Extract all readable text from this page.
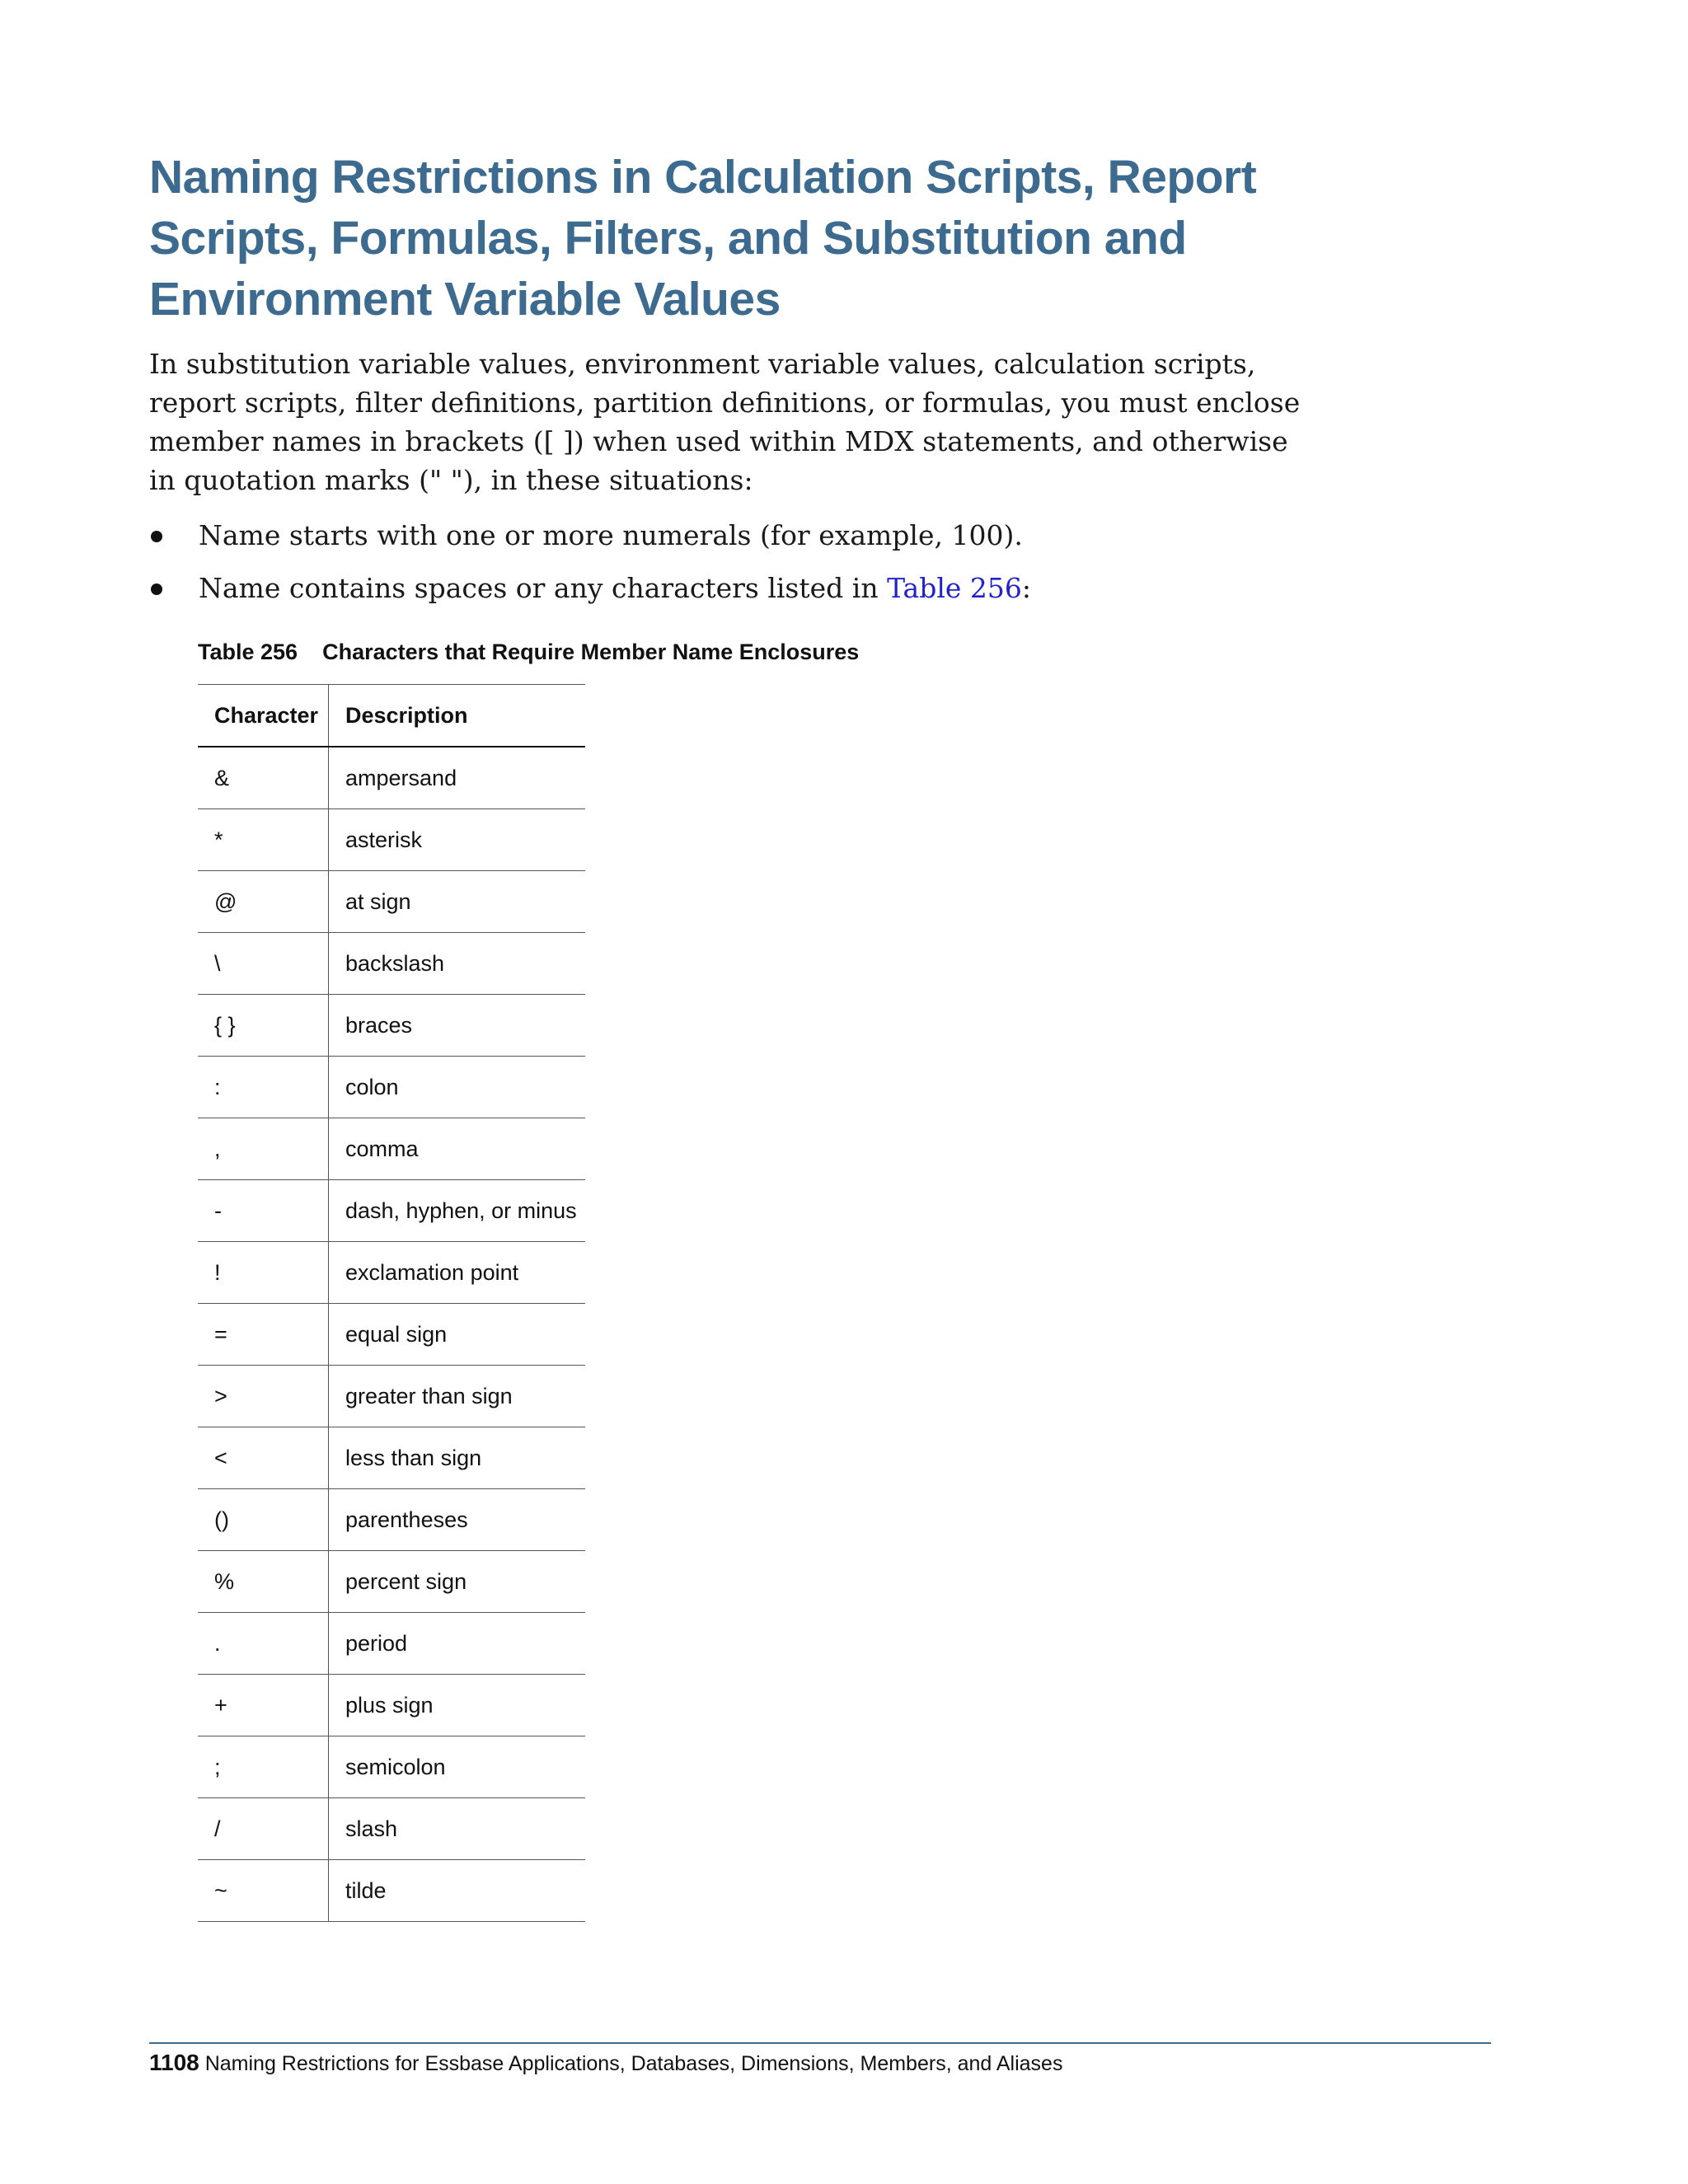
Naming Restrictions in Calculation Scripts, Report Scripts, Formulas, Filters, and Substitution and Environment Variable Values

In substitution variable values, environment variable values, calculation scripts, report scripts, filter definitions, partition definitions, or formulas, you must enclose member names in brackets ([ ]) when used within MDX statements, and otherwise in quotation marks (" "), in these situations:

Name starts with one or more numerals (for example, 100).
Name contains spaces or any characters listed in Table 256:

Table 256 Characters that Require Member Name Enclosures

Character	Description
&	ampersand
*	asterisk
@	at sign
\	backslash
{ }	braces
:	colon
,	comma
-	dash, hyphen, or minus
!	exclamation point
=	equal sign
>	greater than sign
<	less than sign
()	parentheses
%	percent sign
.	period
+	plus sign
;	semicolon
/	slash
~	tilde

1108 Naming Restrictions for Essbase Applications, Databases, Dimensions, Members, and Aliases
